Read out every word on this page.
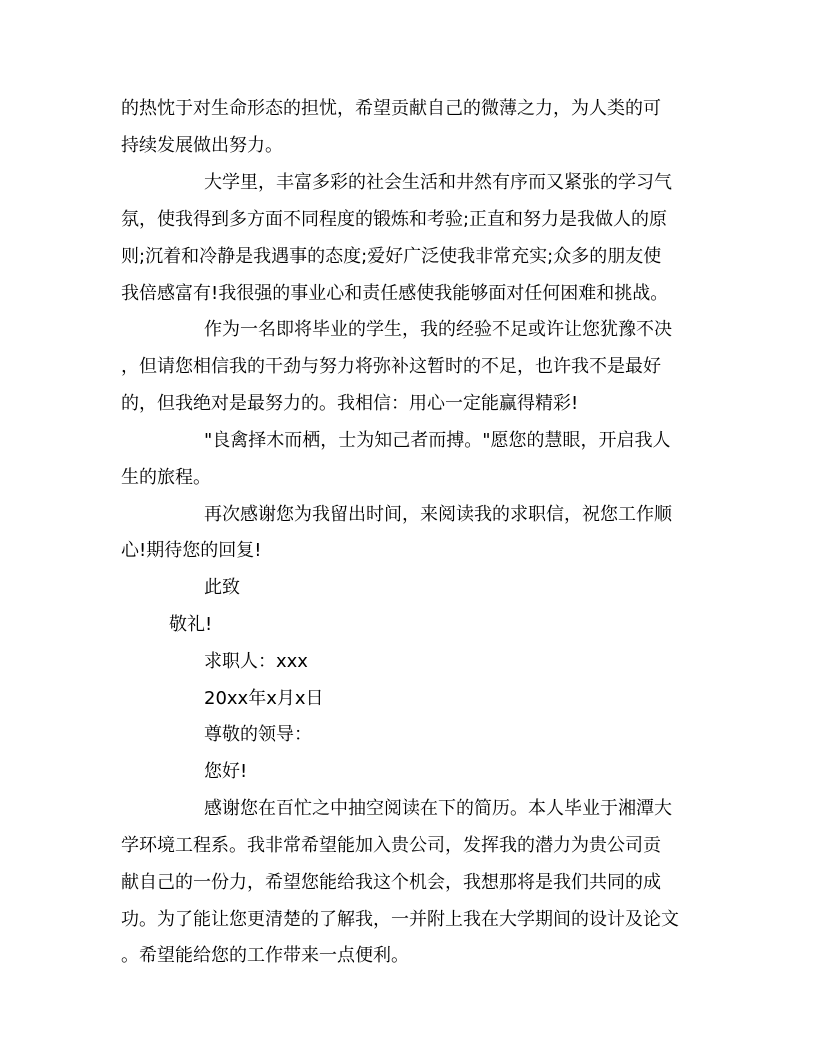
的热忱于对生命形态的担忧，希望贡献自己的微薄之力，为人类的可
持续发展做出努力。
大学里，丰富多彩的社会生活和井然有序而又紧张的学习气
氛，使我得到多方面不同程度的锻炼和考验;正直和努力是我做人的原
则;沉着和冷静是我遇事的态度;爱好广泛使我非常充实;众多的朋友使
我倍感富有!我很强的事业心和责任感使我能够面对任何困难和挑战。
作为一名即将毕业的学生，我的经验不足或许让您犹豫不决
，但请您相信我的干劲与努力将弥补这暂时的不足，也许我不是最好
的，但我绝对是最努力的。我相信：用心一定能赢得精彩!
"良禽择木而栖，士为知己者而搏。"愿您的慧眼，开启我人
生的旅程。
再次感谢您为我留出时间，来阅读我的求职信，祝您工作顺
心!期待您的回复!
此致
敬礼!
求职人：xxx
20xx年x月x日
尊敬的领导：
您好!
感谢您在百忙之中抽空阅读在下的简历。本人毕业于湘潭大
学环境工程系。我非常希望能加入贵公司，发挥我的潜力为贵公司贡
献自己的一份力，希望您能给我这个机会，我想那将是我们共同的成
功。为了能让您更清楚的了解我，一并附上我在大学期间的设计及论文
。希望能给您的工作带来一点便利。
